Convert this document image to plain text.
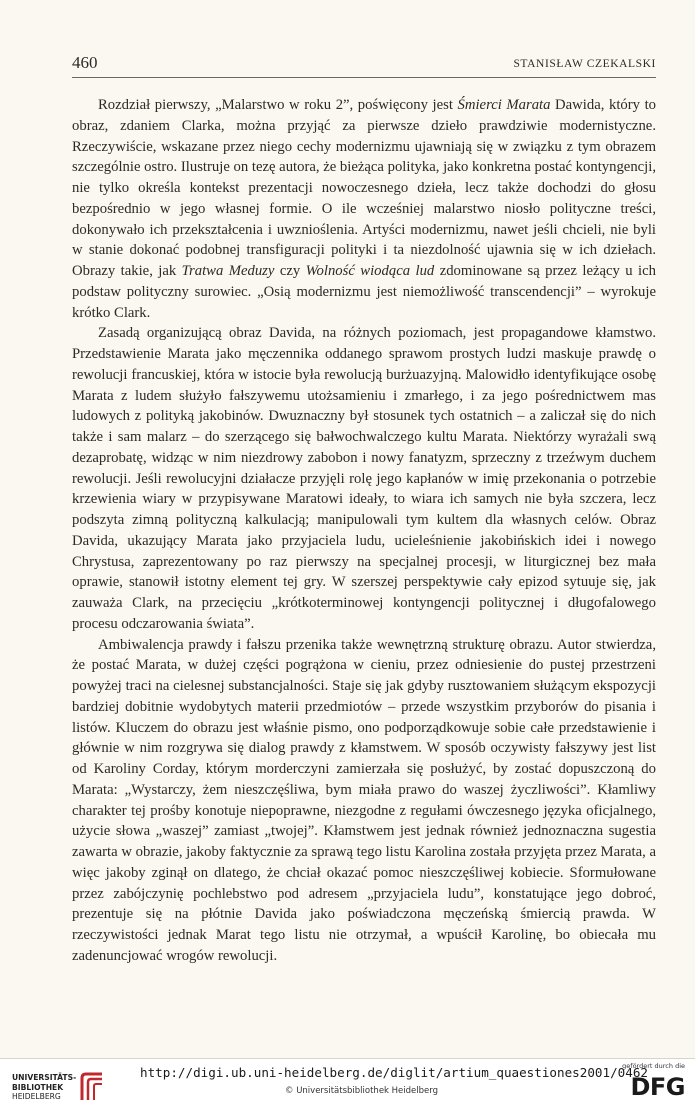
460	STANISŁAW CZEKALSKI

Rozdział pierwszy, „Malarstwo w roku 2”, poświęcony jest Śmierci Marata Dawida, który to obraz, zdaniem Clarka, można przyjąć za pierwsze dzieło prawdziwie modernistyczne. Rzeczywiście, wskazane przez niego cechy modernizmu ujawniają się w związku z tym obrazem szczególnie ostro. Ilustruje on tezę autora, że bieżąca polityka, jako konkretna postać kontyngencji, nie tylko określa kontekst prezentacji nowoczesnego dzieła, lecz także dochodzi do głosu bezpośrednio w jego własnej formie. O ile wcześniej malarstwo niosło polityczne treści, dokonywało ich przekształcenia i uwznioślenia. Artyści modernizmu, nawet jeśli chcieli, nie byli w stanie dokonać podobnej transfiguracji polityki i ta niezdolność ujawnia się w ich dziełach. Obrazy takie, jak Tratwa Meduzy czy Wolność wiodąca lud zdominowane są przez leżący u ich podstaw polityczny surowiec. „Osią modernizmu jest niemożliwość transcendencji” – wyrokuje krótko Clark.

Zasadą organizującą obraz Davida, na różnych poziomach, jest propagandowe kłamstwo. Przedstawienie Marata jako męczennika oddanego sprawom prostych ludzi maskuje prawdę o rewolucji francuskiej, która w istocie była rewolucją burżuazyjną. Malowidło identyfikujące osobę Marata z ludem służyło fałszywemu utożsamieniu i zmarłego, i za jego pośrednictwem mas ludowych z polityką jakobinów. Dwuznaczny był stosunek tych ostatnich – a zaliczał się do nich także i sam malarz – do szerzącego się bałwochwalczego kultu Marata. Niektórzy wyrażali swą dezaprobatę, widząc w nim niezdrowy zabobon i nowy fanatyzm, sprzeczny z trzeźwym duchem rewolucji. Jeśli rewolucyjni działacze przyjęli rolę jego kapłanów w imię przekonania o potrzebie krzewienia wiary w przypisywane Maratowi ideały, to wiara ich samych nie była szczera, lecz podszyta zimną polityczną kalkulacją; manipulowali tym kultem dla własnych celów. Obraz Davida, ukazujący Marata jako przyjaciela ludu, ucieleśnienie jakobińskich idei i nowego Chrystusa, zaprezentowany po raz pierwszy na specjalnej procesji, w liturgicznej bez mała oprawie, stanowił istotny element tej gry. W szerszej perspektywie cały epizod sytuuje się, jak zauważa Clark, na przecięciu „krótkoterminowej kontyngencji politycznej i długofalowego procesu odczarowania świata”.

Ambiwalencja prawdy i fałszu przenika także wewnętrzną strukturę obrazu. Autor stwierdza, że postać Marata, w dużej części pogrążona w cieniu, przez odniesienie do pustej przestrzeni powyżej traci na cielesnej substancjalności. Staje się jak gdyby rusztowaniem służącym ekspozycji bardziej dobitnie wydobytych materii przedmiotów – przede wszystkim przyborów do pisania i listów. Kluczem do obrazu jest właśnie pismo, ono podporządkowuje sobie całe przedstawienie i głównie w nim rozgrywa się dialog prawdy z kłamstwem. W sposób oczywisty fałszywy jest list od Karoliny Corday, którym morderczyni zamierzała się posłużyć, by zostać dopuszczoną do Marata: „Wystarczy, żem nieszczęśliwa, bym miała prawo do waszej życzliwości”. Kłamliwy charakter tej prośby konotuje niepoprawne, niezgodne z regułami ówczesnego języka oficjalnego, użycie słowa „waszej” zamiast „twojej”. Kłamstwem jest jednak również jednoznaczna sugestia zawarta w obrazie, jakoby faktycznie za sprawą tego listu Karolina została przyjęta przez Marata, a więc jakoby zginął on dlatego, że chciał okazać pomoc nieszczęśliwej kobiecie. Sformułowane przez zabójczynię pochlebstwo pod adresem „przyjaciela ludu”, konstatujące jego dobroć, prezentuje się na płótnie Davida jako poświadczona męczeńską śmiercią prawda. W rzeczywistości jednak Marat tego listu nie otrzymał, a wpuścił Karolinę, bo obiecała mu zadenuncjować wrogów rewolucji.

UNIVERSITÄTS-
BIBLIOTHEK
HEIDELBERG
http://digi.ub.uni-heidelberg.de/diglit/artium_quaestiones2001/0462
© Universitätsbibliothek Heidelberg
gefördert durch die
DFG
